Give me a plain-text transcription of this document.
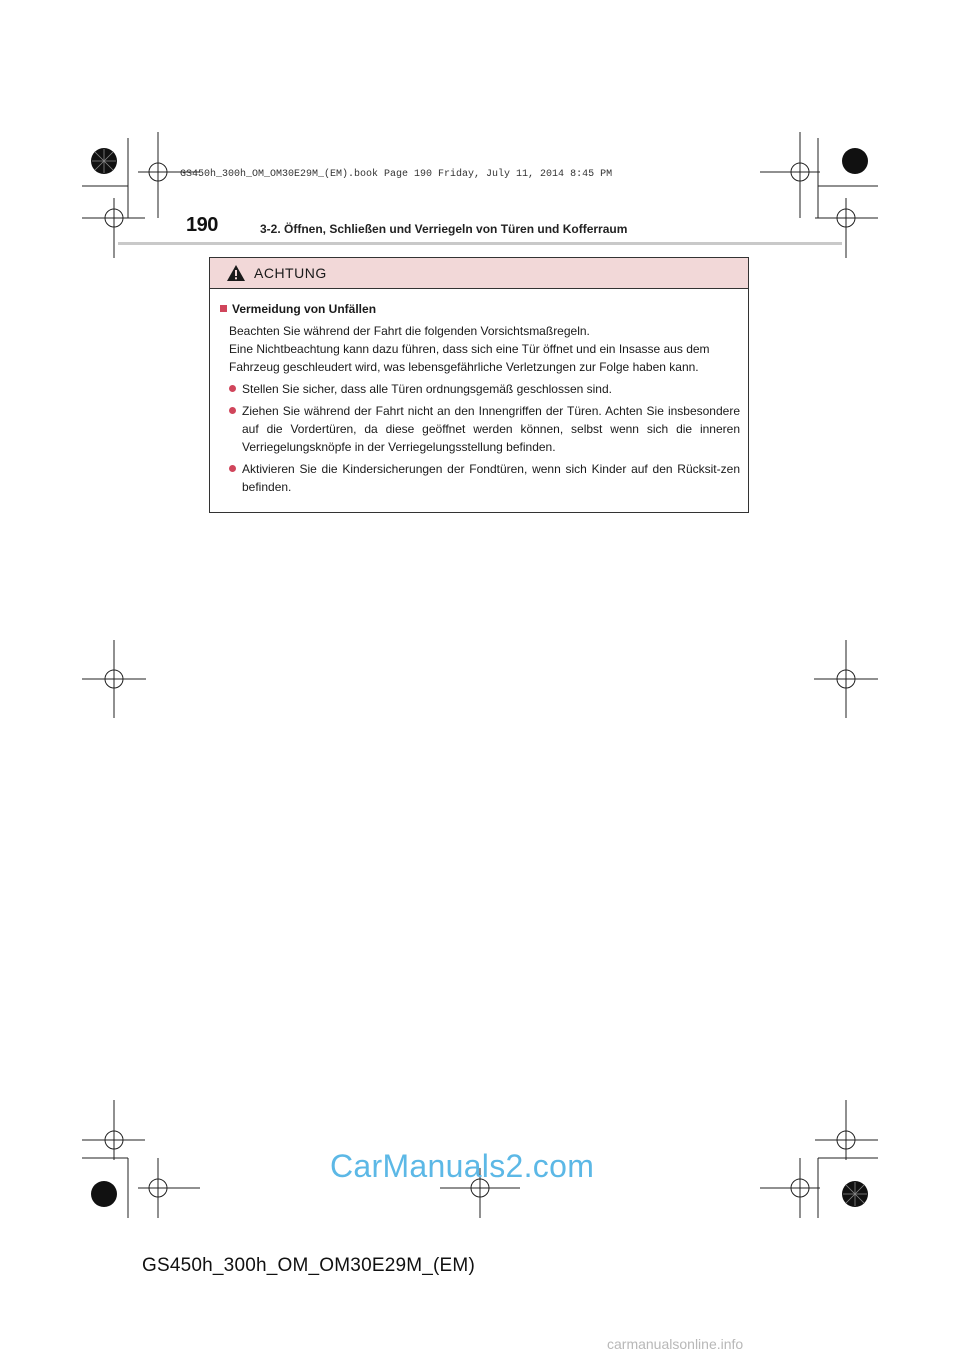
GS450h_300h_OM_OM30E29M_(EM).book Page 190 Friday, July 11, 2014 8:45 PM
190	3-2. Öffnen, Schließen und Verriegeln von Türen und Kofferraum
ACHTUNG
Vermeidung von Unfällen
Beachten Sie während der Fahrt die folgenden Vorsichtsmaßregeln.
Eine Nichtbeachtung kann dazu führen, dass sich eine Tür öffnet und ein Insasse aus dem Fahrzeug geschleudert wird, was lebensgefährliche Verletzungen zur Folge haben kann.
Stellen Sie sicher, dass alle Türen ordnungsgemäß geschlossen sind.
Ziehen Sie während der Fahrt nicht an den Innengriffen der Türen. Achten Sie insbesondere auf die Vordertüren, da diese geöffnet werden können, selbst wenn sich die inneren Verriegelungsknöpfe in der Verriegelungsstellung befinden.
Aktivieren Sie die Kindersicherungen der Fondtüren, wenn sich Kinder auf den Rücksit-zen befinden.
CarManuals2.com
GS450h_300h_OM_OM30E29M_(EM)
carmanualsonline.info
